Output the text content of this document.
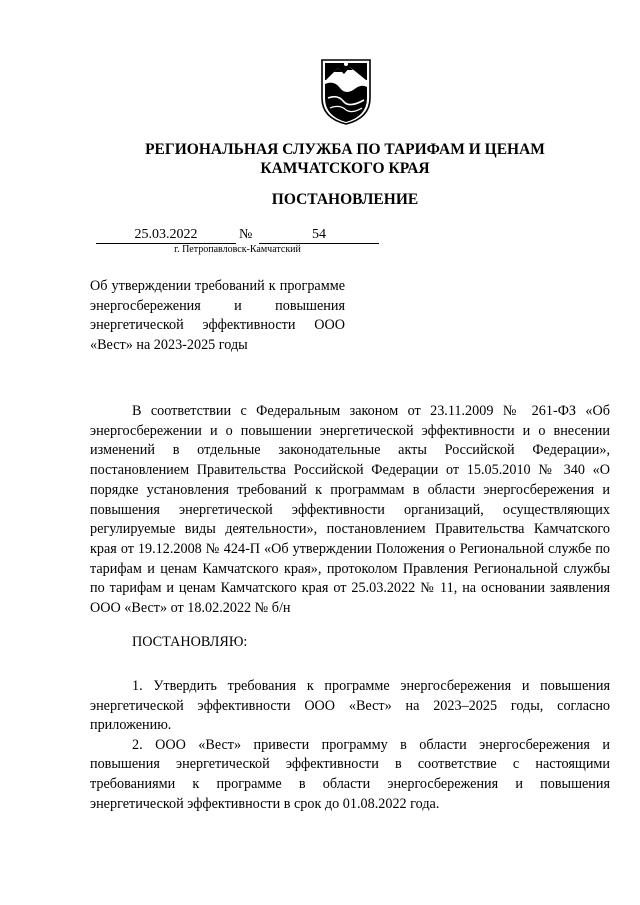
РЕГИОНАЛЬНАЯ СЛУЖБА ПО ТАРИФАМ И ЦЕНАМ
КАМЧАТСКОГО КРАЯ
ПОСТАНОВЛЕНИЕ
25.03.2022	№	54
г. Петропавловск-Камчатский
Об утверждении требований к программе энергосбережения и повышения энергетической эффективности ООО «Вест» на 2023-2025 годы

В соответствии с Федеральным законом от 23.11.2009 № 261-ФЗ «Об энергосбережении и о повышении энергетической эффективности и о внесении изменений в отдельные законодательные акты Российской Федерации», постановлением Правительства Российской Федерации от 15.05.2010 № 340 «О порядке установления требований к программам в области энергосбережения и повышения энергетической эффективности организаций, осуществляющих регулируемые виды деятельности», постановлением Правительства Камчатского края от 19.12.2008 № 424-П «Об утверждении Положения о Региональной службе по тарифам и ценам Камчатского края», протоколом Правления Региональной службы по тарифам и ценам Камчатского края от 25.03.2022 № 11, на основании заявления ООО «Вест» от 18.02.2022 № б/н

ПОСТАНОВЛЯЮ:

1. Утвердить требования к программе энергосбережения и повышения энергетической эффективности ООО «Вест» на 2023–2025 годы, согласно приложению.

2. ООО «Вест» привести программу в области энергосбережения и повышения энергетической эффективности в соответствие с настоящими требованиями к программе в области энергосбережения и повышения энергетической эффективности в срок до 01.08.2022 года.
